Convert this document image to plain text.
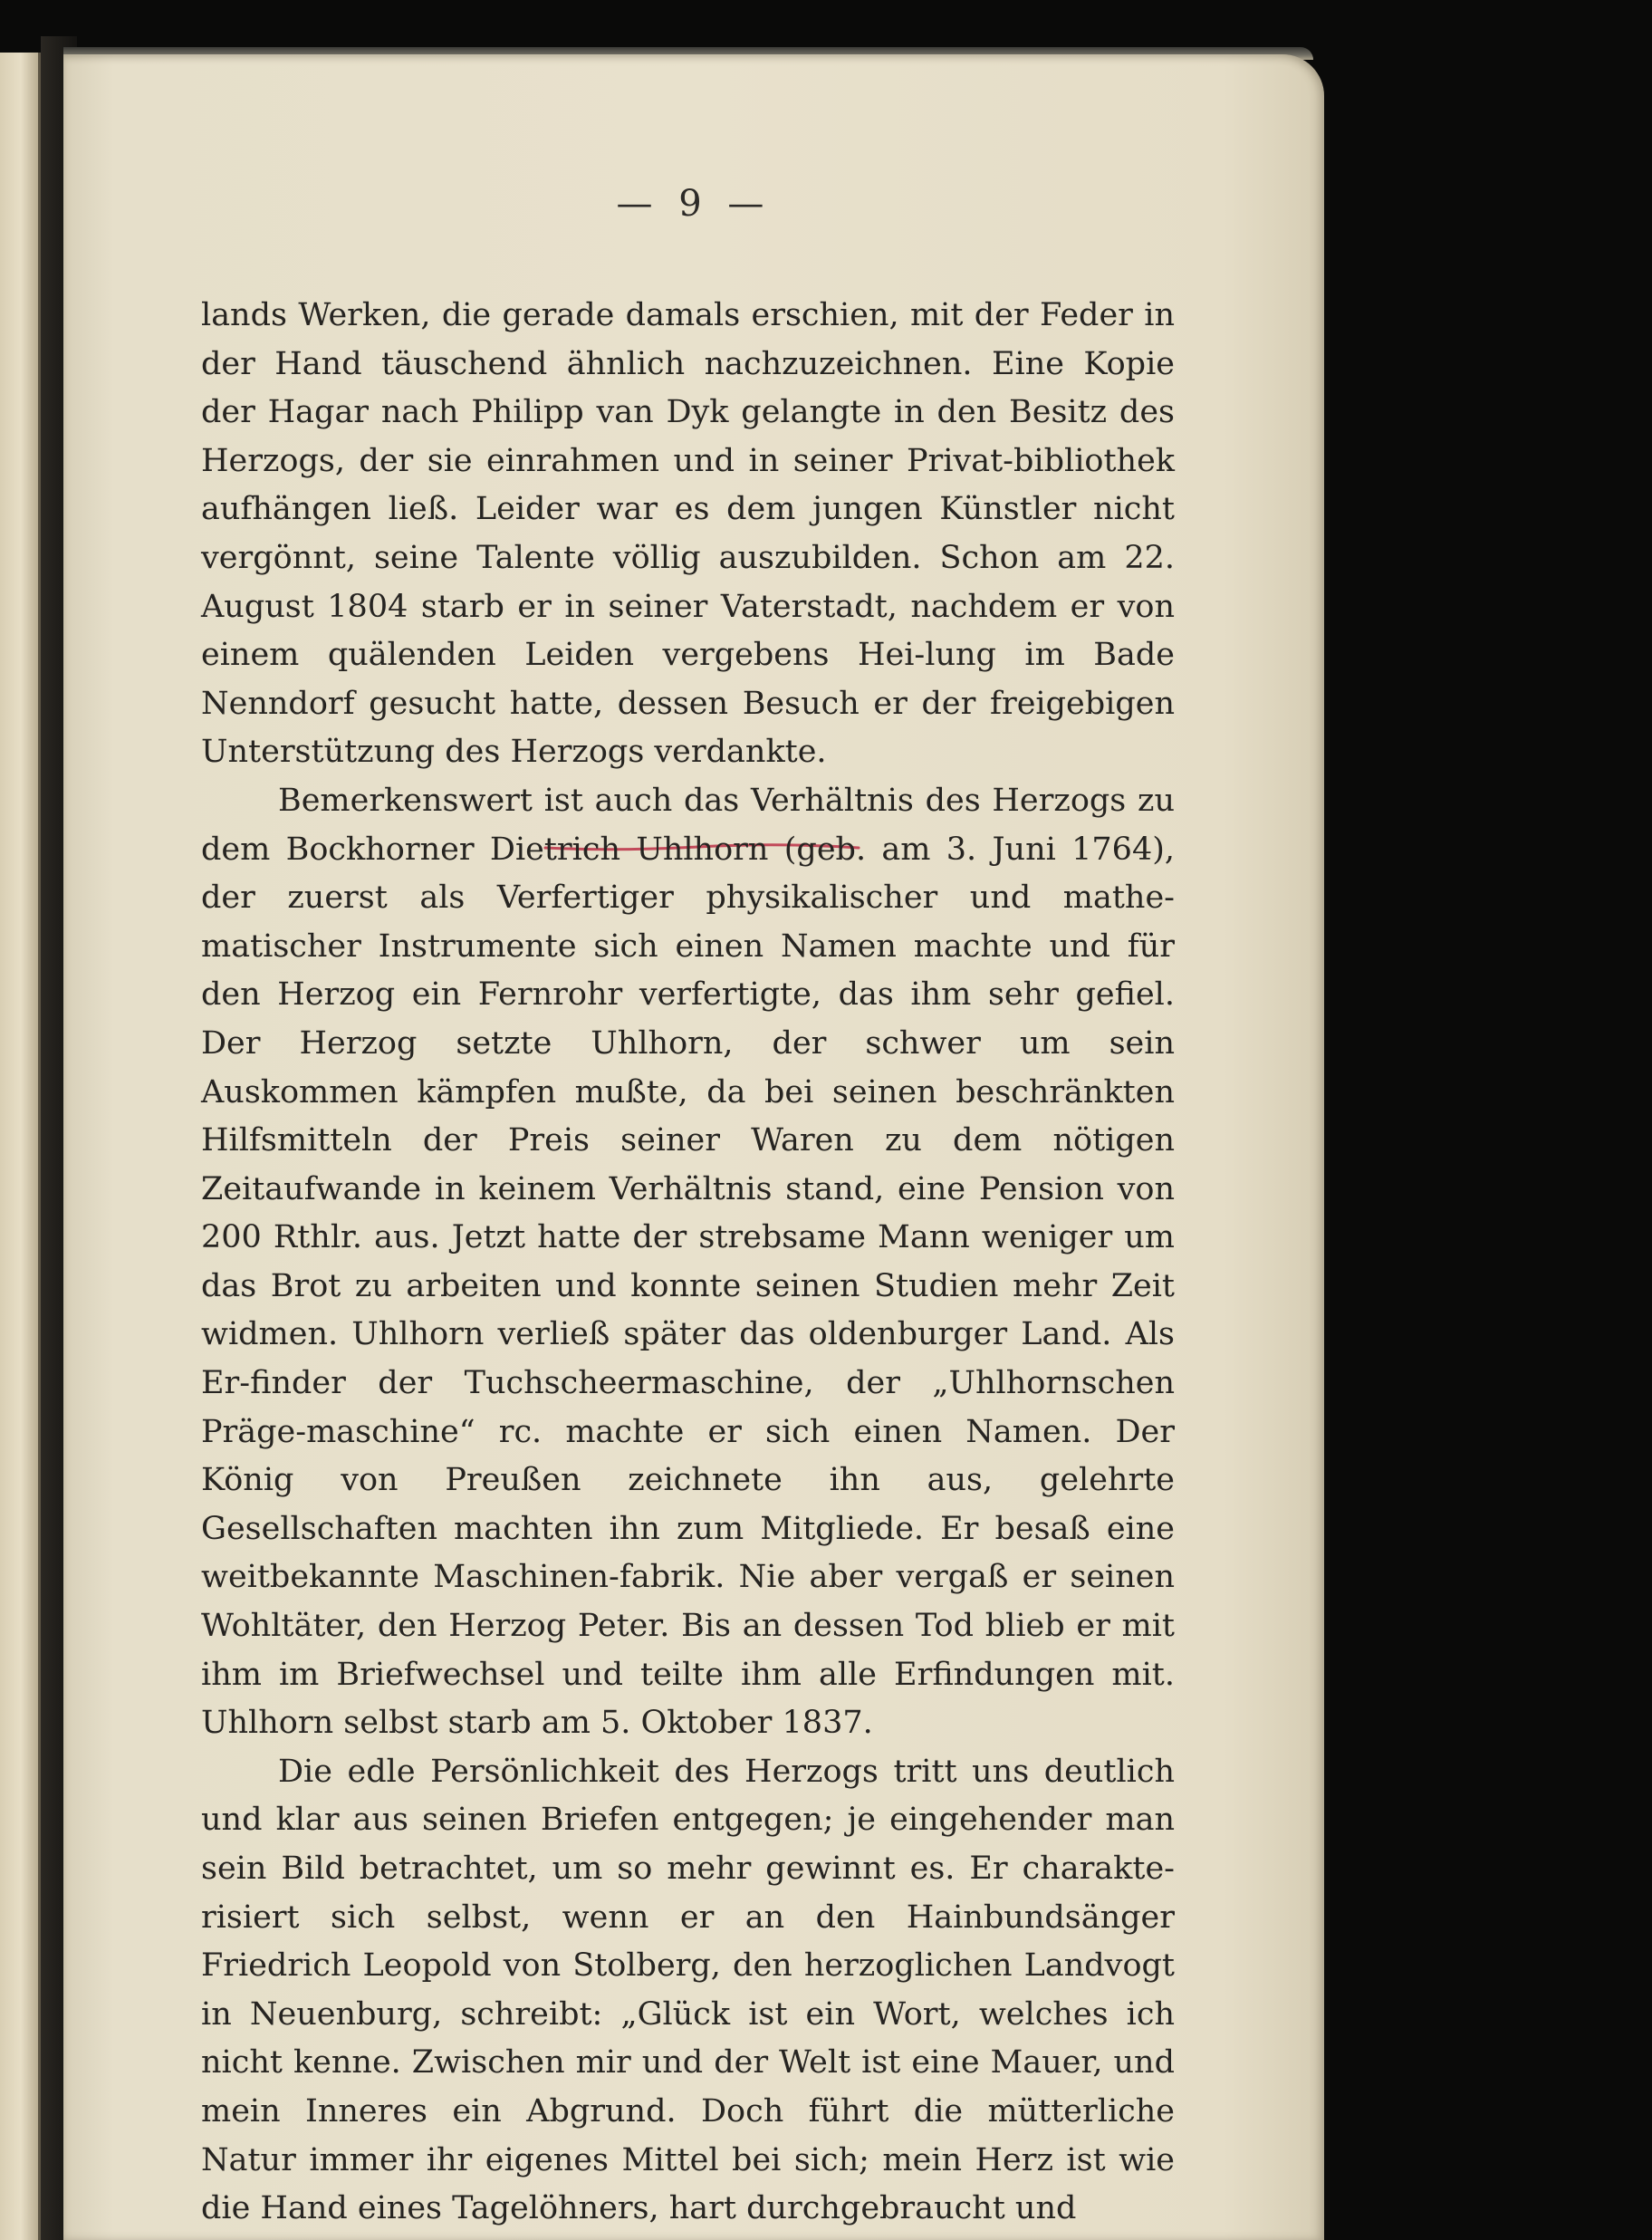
— 9 —

lands Werken, die gerade damals erschien, mit der Feder in der Hand täuschend ähnlich nachzuzeichnen. Eine Kopie der Hagar nach Philipp van Dyk gelangte in den Besitz des Herzogs, der sie einrahmen und in seiner Privat-bibliothek aufhängen ließ. Leider war es dem jungen Künstler nicht vergönnt, seine Talente völlig auszubilden. Schon am 22. August 1804 starb er in seiner Vaterstadt, nachdem er von einem quälenden Leiden vergebens Hei-lung im Bade Nenndorf gesucht hatte, dessen Besuch er der freigebigen Unterstützung des Herzogs verdankte.

Bemerkenswert ist auch das Verhältnis des Herzogs zu dem Bockhorner Dietrich Uhlhorn (geb. am 3. Juni 1764), der zuerst als Verfertiger physikalischer und mathe-matischer Instrumente sich einen Namen machte und für den Herzog ein Fernrohr verfertigte, das ihm sehr gefiel. Der Herzog setzte Uhlhorn, der schwer um sein Auskommen kämpfen mußte, da bei seinen beschränkten Hilfsmitteln der Preis seiner Waren zu dem nötigen Zeitaufwande in keinem Verhältnis stand, eine Pension von 200 Rthlr. aus. Jetzt hatte der strebsame Mann weniger um das Brot zu arbeiten und konnte seinen Studien mehr Zeit widmen. Uhlhorn verließ später das oldenburger Land. Als Er-finder der Tuchscheermaschine, der „Uhlhornschen Präge-maschine“ rc. machte er sich einen Namen. Der König von Preußen zeichnete ihn aus, gelehrte Gesellschaften machten ihn zum Mitgliede. Er besaß eine weitbekannte Maschinen-fabrik. Nie aber vergaß er seinen Wohltäter, den Herzog Peter. Bis an dessen Tod blieb er mit ihm im Briefwechsel und teilte ihm alle Erfindungen mit. Uhlhorn selbst starb am 5. Oktober 1837.

Die edle Persönlichkeit des Herzogs tritt uns deutlich und klar aus seinen Briefen entgegen; je eingehender man sein Bild betrachtet, um so mehr gewinnt es. Er charakte-risiert sich selbst, wenn er an den Hainbundsänger Friedrich Leopold von Stolberg, den herzoglichen Landvogt in Neuenburg, schreibt: „Glück ist ein Wort, welches ich nicht kenne. Zwischen mir und der Welt ist eine Mauer, und mein Inneres ein Abgrund. Doch führt die mütterliche Natur immer ihr eigenes Mittel bei sich; mein Herz ist wie die Hand eines Tagelöhners, hart durchgebraucht und
